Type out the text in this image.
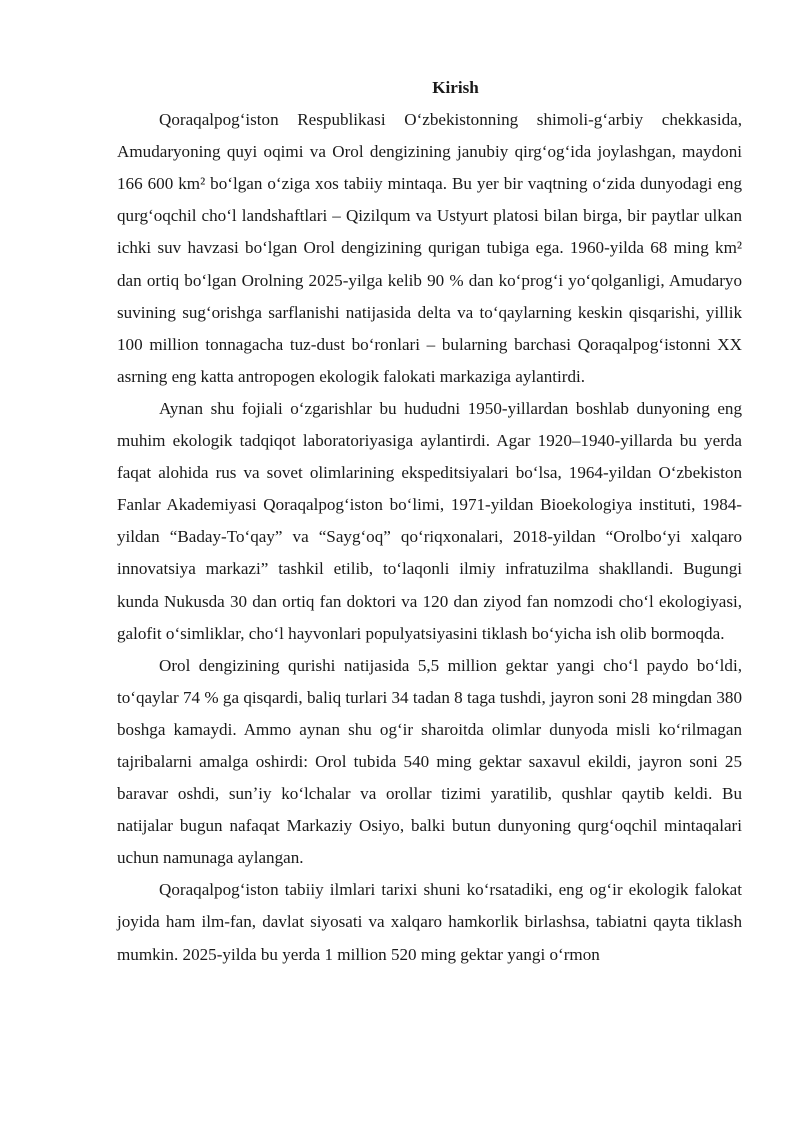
Kirish

Qoraqalpogʻiston Respublikasi Oʻzbekistonning shimoli-gʻarbiy chekkasida, Amudaryoning quyi oqimi va Orol dengizining janubiy qirgʻogʻida joylashgan, maydoni 166 600 km² boʻlgan oʻziga xos tabiiy mintaqa. Bu yer bir vaqtning oʻzida dunyodagi eng qurgʻoqchil choʻl landshaftlari – Qizilqum va Ustyurt platosi bilan birga, bir paytlar ulkan ichki suv havzasi boʻlgan Orol dengizining qurigan tubiga ega. 1960-yilda 68 ming km² dan ortiq boʻlgan Orolning 2025-yilga kelib 90 % dan koʻprogʻi yoʻqolganligi, Amudaryo suvining sugʻorishga sarflanishi natijasida delta va toʻqaylarning keskin qisqarishi, yillik 100 million tonnagacha tuz-dust boʻronlari – bularning barchasi Qoraqalpogʻistonni XX asrning eng katta antropogen ekologik falokati markaziga aylantirdi.

Aynan shu fojiali oʻzgarishlar bu hududni 1950-yillardan boshlab dunyoning eng muhim ekologik tadqiqot laboratoriyasiga aylantirdi. Agar 1920–1940-yillarda bu yerda faqat alohida rus va sovet olimlarining ekspeditsiyalari boʻlsa, 1964-yildan Oʻzbekiston Fanlar Akademiyasi Qoraqalpogʻiston boʻlimi, 1971-yildan Bioekologiya instituti, 1984-yildan “Baday-Toʻqay” va “Saygʻoq” qoʻriqxonalari, 2018-yildan “Orolboʻyi xalqaro innovatsiya markazi” tashkil etilib, toʻlaqonli ilmiy infratuzilma shakllandi. Bugungi kunda Nukusda 30 dan ortiq fan doktori va 120 dan ziyod fan nomzodi choʻl ekologiyasi, galofit oʻsimliklar, choʻl hayvonlari populyatsiyasini tiklash boʻyicha ish olib bormoqda.

Orol dengizining qurishi natijasida 5,5 million gektar yangi choʻl paydo boʻldi, toʻqaylar 74 % ga qisqardi, baliq turlari 34 tadan 8 taga tushdi, jayron soni 28 mingdan 380 boshga kamaydi. Ammo aynan shu ogʻir sharoitda olimlar dunyoda misli koʻrilmagan tajribalarni amalga oshirdi: Orol tubida 540 ming gektar saxavul ekildi, jayron soni 25 baravar oshdi, sunʼiy koʻlchalar va orollar tizimi yaratilib, qushlar qaytib keldi. Bu natijalar bugun nafaqat Markaziy Osiyo, balki butun dunyoning qurgʻoqchil mintaqalari uchun namunaga aylangan.

Qoraqalpogʻiston tabiiy ilmlari tarixi shuni koʻrsatadiki, eng ogʻir ekologik falokat joyida ham ilm-fan, davlat siyosati va xalqaro hamkorlik birlashsa, tabiatni qayta tiklash mumkin. 2025-yilda bu yerda 1 million 520 ming gektar yangi oʻrmon
